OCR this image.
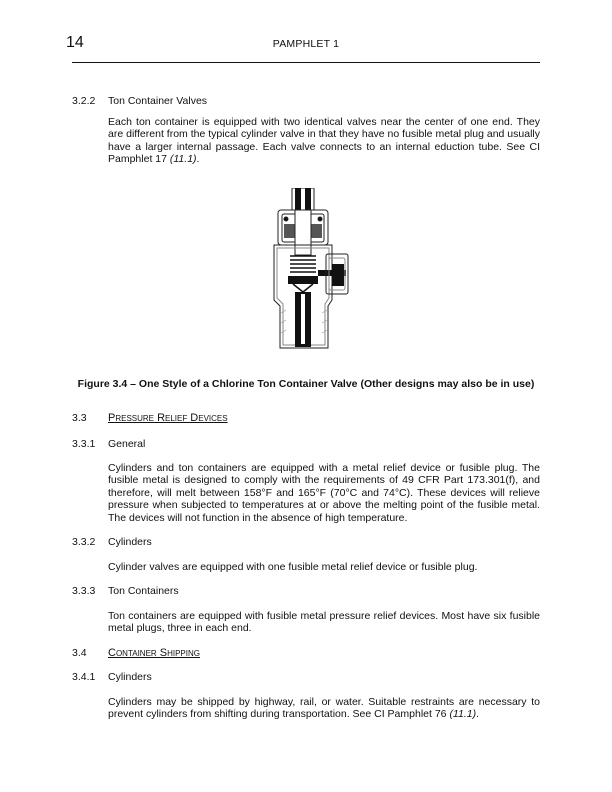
14	PAMPHLET 1
3.2.2 Ton Container Valves
Each ton container is equipped with two identical valves near the center of one end. They are different from the typical cylinder valve in that they have no fusible metal plug and usually have a larger internal passage. Each valve connects to an internal eduction tube. See CI Pamphlet 17 (11.1).
Figure 3.4 – One Style of a Chlorine Ton Container Valve (Other designs may also be in use)
3.3 Pressure Relief Devices
3.3.1 General
Cylinders and ton containers are equipped with a metal relief device or fusible plug. The fusible metal is designed to comply with the requirements of 49 CFR Part 173.301(f), and therefore, will melt between 158°F and 165°F (70°C and 74°C). These devices will relieve pressure when subjected to temperatures at or above the melting point of the fusible metal. The devices will not function in the absence of high temperature.
3.3.2 Cylinders
Cylinder valves are equipped with one fusible metal relief device or fusible plug.
3.3.3 Ton Containers
Ton containers are equipped with fusible metal pressure relief devices. Most have six fusible metal plugs, three in each end.
3.4 Container Shipping
3.4.1 Cylinders
Cylinders may be shipped by highway, rail, or water. Suitable restraints are necessary to prevent cylinders from shifting during transportation. See CI Pamphlet 76 (11.1).
